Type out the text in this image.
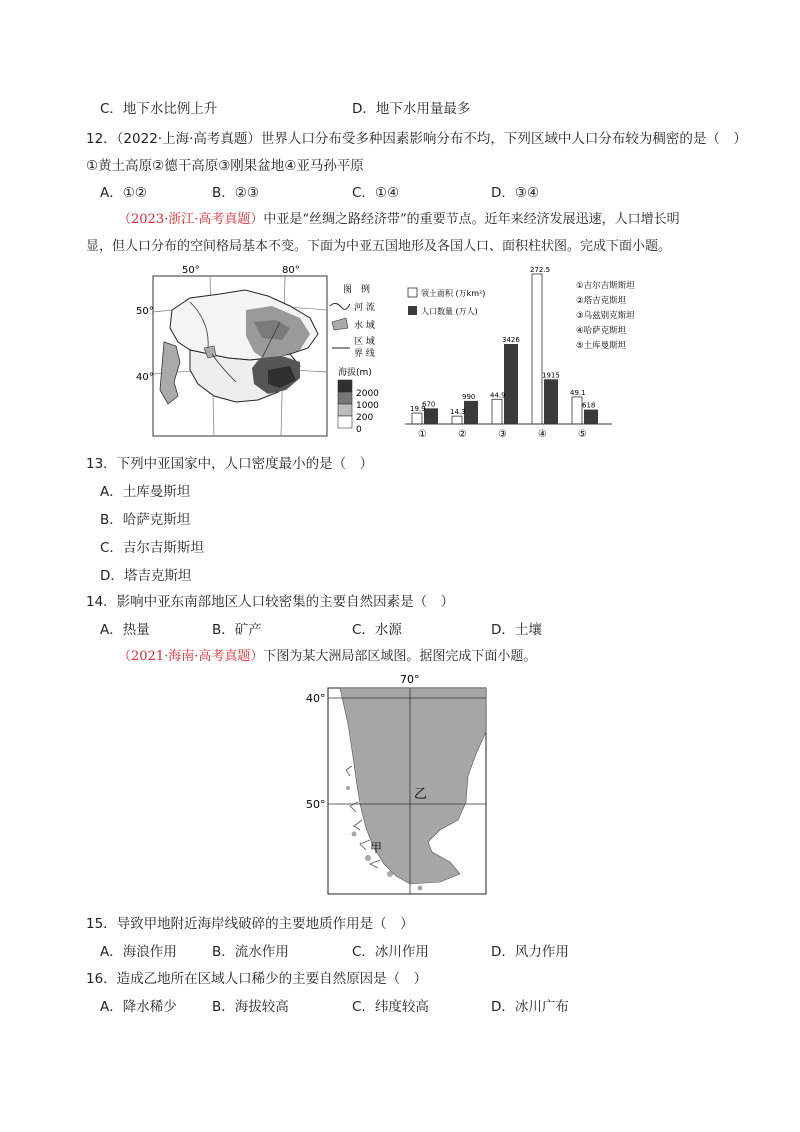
C．地下水比例上升	D．地下水用量最多
12．（2022·上海·高考真题）世界人口分布受多种因素影响分布不均，下列区域中人口分布较为稠密的是（　）
①黄土高原②德干高原③刚果盆地④亚马孙平原
A．①②	B．②③	C．①④	D．③④
（2023·浙江·高考真题）中亚是“丝绸之路经济带”的重要节点。近年来经济发展迅速，人口增长明
显，但人口分布的空间格局基本不变。下面为中亚五国地形及各国人口、面积柱状图。完成下面小题。
50°	80°
50°
40°
图　例
河 流
水 域
区 域
界 线
海拔(m)
2000
1000
200
0
19.9
670
①
14.3
990
②
44.9
3426
③
272.5
1915
④
49.1
618
⑤
领土面积 (万km²)
人口数量 (万人)
①吉尔吉斯斯坦
②塔吉克斯坦
③乌兹别克斯坦
④哈萨克斯坦
⑤土库曼斯坦
13．下列中亚国家中，人口密度最小的是（　）
A．土库曼斯坦
B．哈萨克斯坦
C．吉尔吉斯斯坦
D．塔吉克斯坦
14．影响中亚东南部地区人口较密集的主要自然因素是（　）
A．热量	B．矿产	C．水源	D．土壤
（2021·海南·高考真题）下图为某大洲局部区域图。据图完成下面小题。
70°
40°
50°
乙
甲
15．导致甲地附近海岸线破碎的主要地质作用是（　）
A．海浪作用	B．流水作用	C．冰川作用	D．风力作用
16．造成乙地所在区域人口稀少的主要自然原因是（　）
A．降水稀少	B．海拔较高	C．纬度较高	D．冰川广布
